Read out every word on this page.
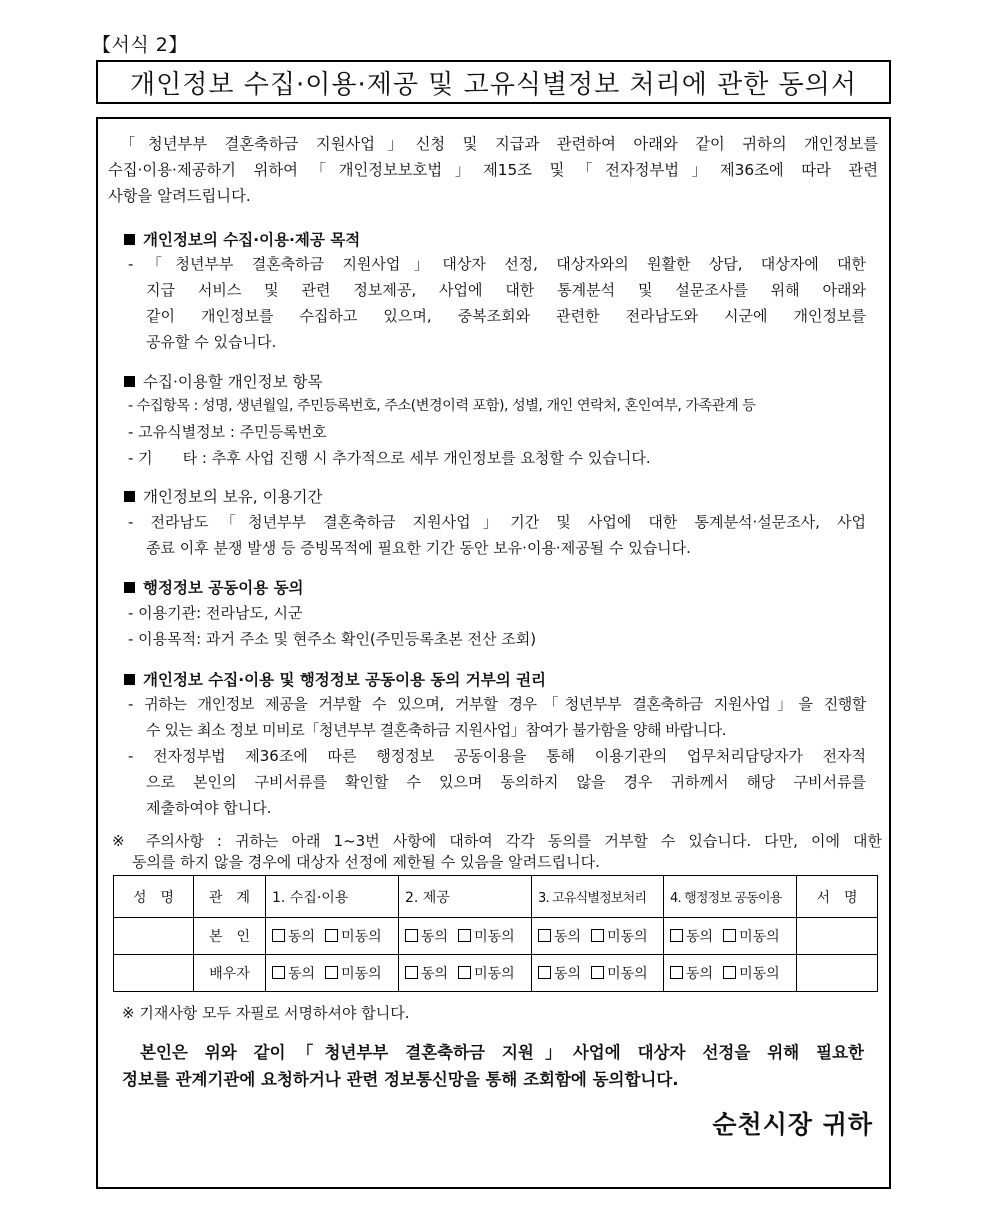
【서식 2】
개인정보 수집·이용·제공 및 고유식별정보 처리에 관한 동의서
「청년부부 결혼축하금 지원사업」신청 및 지급과 관련하여 아래와 같이 귀하의 개인정보를
수집·이용·제공하기 위하여「개인정보보호법」제15조 및「전자정부법」제36조에 따라 관련
사항을 알려드립니다.
개인정보의 수집·이용·제공 목적
-「청년부부 결혼축하금 지원사업」대상자 선정, 대상자와의 원활한 상담, 대상자에 대한
지급 서비스 및 관련 정보제공, 사업에 대한 통계분석 및 설문조사를 위해 아래와
같이 개인정보를 수집하고 있으며, 중복조회와 관련한 전라남도와 시군에 개인정보를
공유할 수 있습니다.
수집·이용할 개인정보 항목
- 수집항목 : 성명, 생년월일, 주민등록번호, 주소(변경이력 포함), 성별, 개인 연락처, 혼인여부, 가족관계 등
- 고유식별정보 : 주민등록번호
- 기　　타 : 추후 사업 진행 시 추가적으로 세부 개인정보를 요청할 수 있습니다.
개인정보의 보유, 이용기간
- 전라남도「청년부부 결혼축하금 지원사업」기간 및 사업에 대한 통계분석·설문조사, 사업
종료 이후 분쟁 발생 등 증빙목적에 필요한 기간 동안 보유·이용·제공될 수 있습니다.
행정정보 공동이용 동의
- 이용기관: 전라남도, 시군
- 이용목적: 과거 주소 및 현주소 확인(주민등록초본 전산 조회)
개인정보 수집·이용 및 행정정보 공동이용 동의 거부의 권리
- 귀하는 개인정보 제공을 거부할 수 있으며, 거부할 경우「청년부부 결혼축하금 지원사업」을 진행할
수 있는 최소 정보 미비로「청년부부 결혼축하금 지원사업」참여가 불가함을 양해 바랍니다.
- 전자정부법 제36조에 따른 행정정보 공동이용을 통해 이용기관의 업무처리담당자가 전자적
으로 본인의 구비서류를 확인할 수 있으며 동의하지 않을 경우 귀하께서 해당 구비서류를
제출하여야 합니다.
※ 주의사항 : 귀하는 아래 1~3번 사항에 대하여 각각 동의를 거부할 수 있습니다. 다만, 이에 대한
동의를 하지 않을 경우에 대상자 선정에 제한될 수 있음을 알려드립니다.
성　명	관　계	1. 수집·이용	2. 제공	3. 고유식별정보처리	4. 행정정보 공동이용	서　명
	본　인	동의 미동의	동의 미동의	동의 미동의	동의 미동의	
	배우자	동의 미동의	동의 미동의	동의 미동의	동의 미동의	
※ 기재사항 모두 자필로 서명하셔야 합니다.
본인은 위와 같이「청년부부 결혼축하금 지원」사업에 대상자 선정을 위해 필요한
정보를 관계기관에 요청하거나 관련 정보통신망을 통해 조회함에 동의합니다.
순천시장 귀하
